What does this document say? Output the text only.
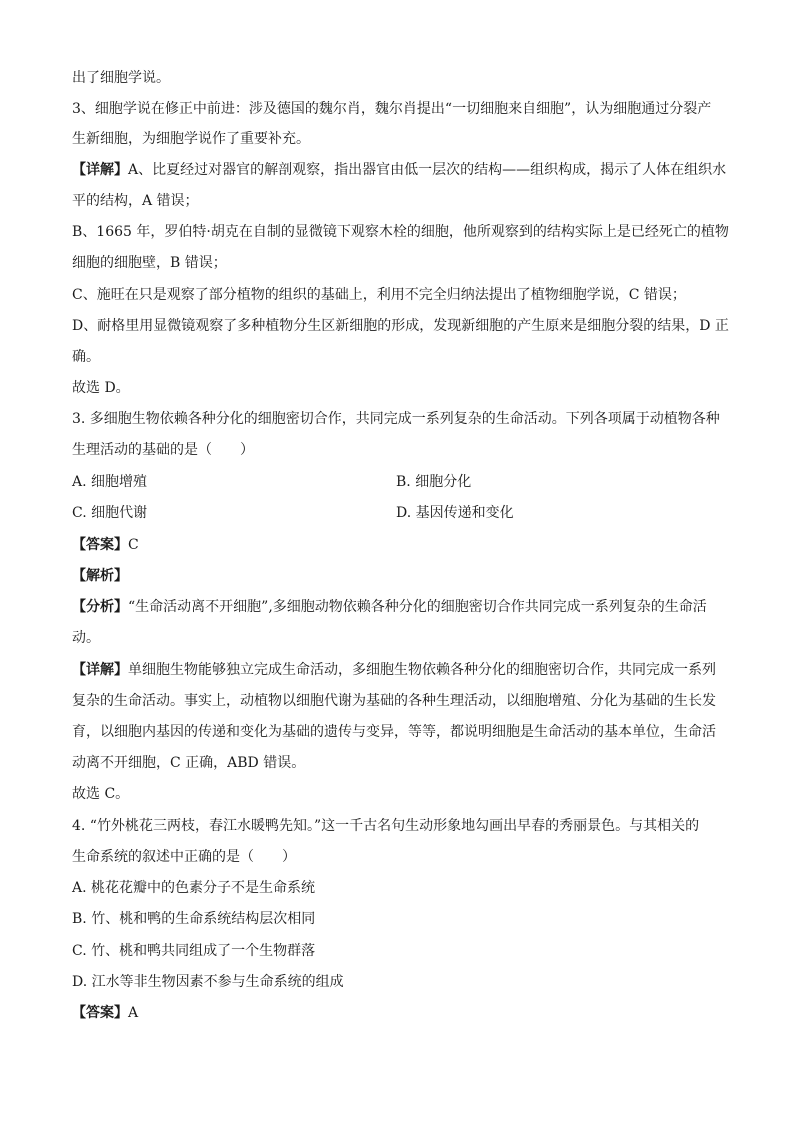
出了细胞学说。
3、细胞学说在修正中前进：涉及德国的魏尔肖，魏尔肖提出“一切细胞来自细胞”，认为细胞通过分裂产
生新细胞，为细胞学说作了重要补充。
【详解】A、比夏经过对器官的解剖观察，指出器官由低一层次的结构——组织构成，揭示了人体在组织水
平的结构，A 错误；
B、1665 年，罗伯特·胡克在自制的显微镜下观察木栓的细胞，他所观察到的结构实际上是已经死亡的植物
细胞的细胞壁，B 错误；
C、施旺在只是观察了部分植物的组织的基础上，利用不完全归纳法提出了植物细胞学说，C 错误；
D、耐格里用显微镜观察了多种植物分生区新细胞的形成，发现新细胞的产生原来是细胞分裂的结果，D 正
确。
故选 D。
3. 多细胞生物依赖各种分化的细胞密切合作，共同完成一系列复杂的生命活动。下列各项属于动植物各种
生理活动的基础的是（　　）
A. 细胞增殖	B. 细胞分化
C. 细胞代谢	D. 基因传递和变化
【答案】C
【解析】
【分析】“生命活动离不开细胞”,多细胞动物依赖各种分化的细胞密切合作共同完成一系列复杂的生命活
动。
【详解】单细胞生物能够独立完成生命活动，多细胞生物依赖各种分化的细胞密切合作，共同完成一系列
复杂的生命活动。事实上，动植物以细胞代谢为基础的各种生理活动，以细胞增殖、分化为基础的生长发
育，以细胞内基因的传递和变化为基础的遗传与变异，等等，都说明细胞是生命活动的基本单位，生命活
动离不开细胞，C 正确，ABD 错误。
故选 C。
4. “竹外桃花三两枝，春江水暖鸭先知。”这一千古名句生动形象地勾画出早春的秀丽景色。与其相关的
生命系统的叙述中正确的是（　　）
A. 桃花花瓣中的色素分子不是生命系统
B. 竹、桃和鸭的生命系统结构层次相同
C. 竹、桃和鸭共同组成了一个生物群落
D. 江水等非生物因素不参与生命系统的组成
【答案】A
